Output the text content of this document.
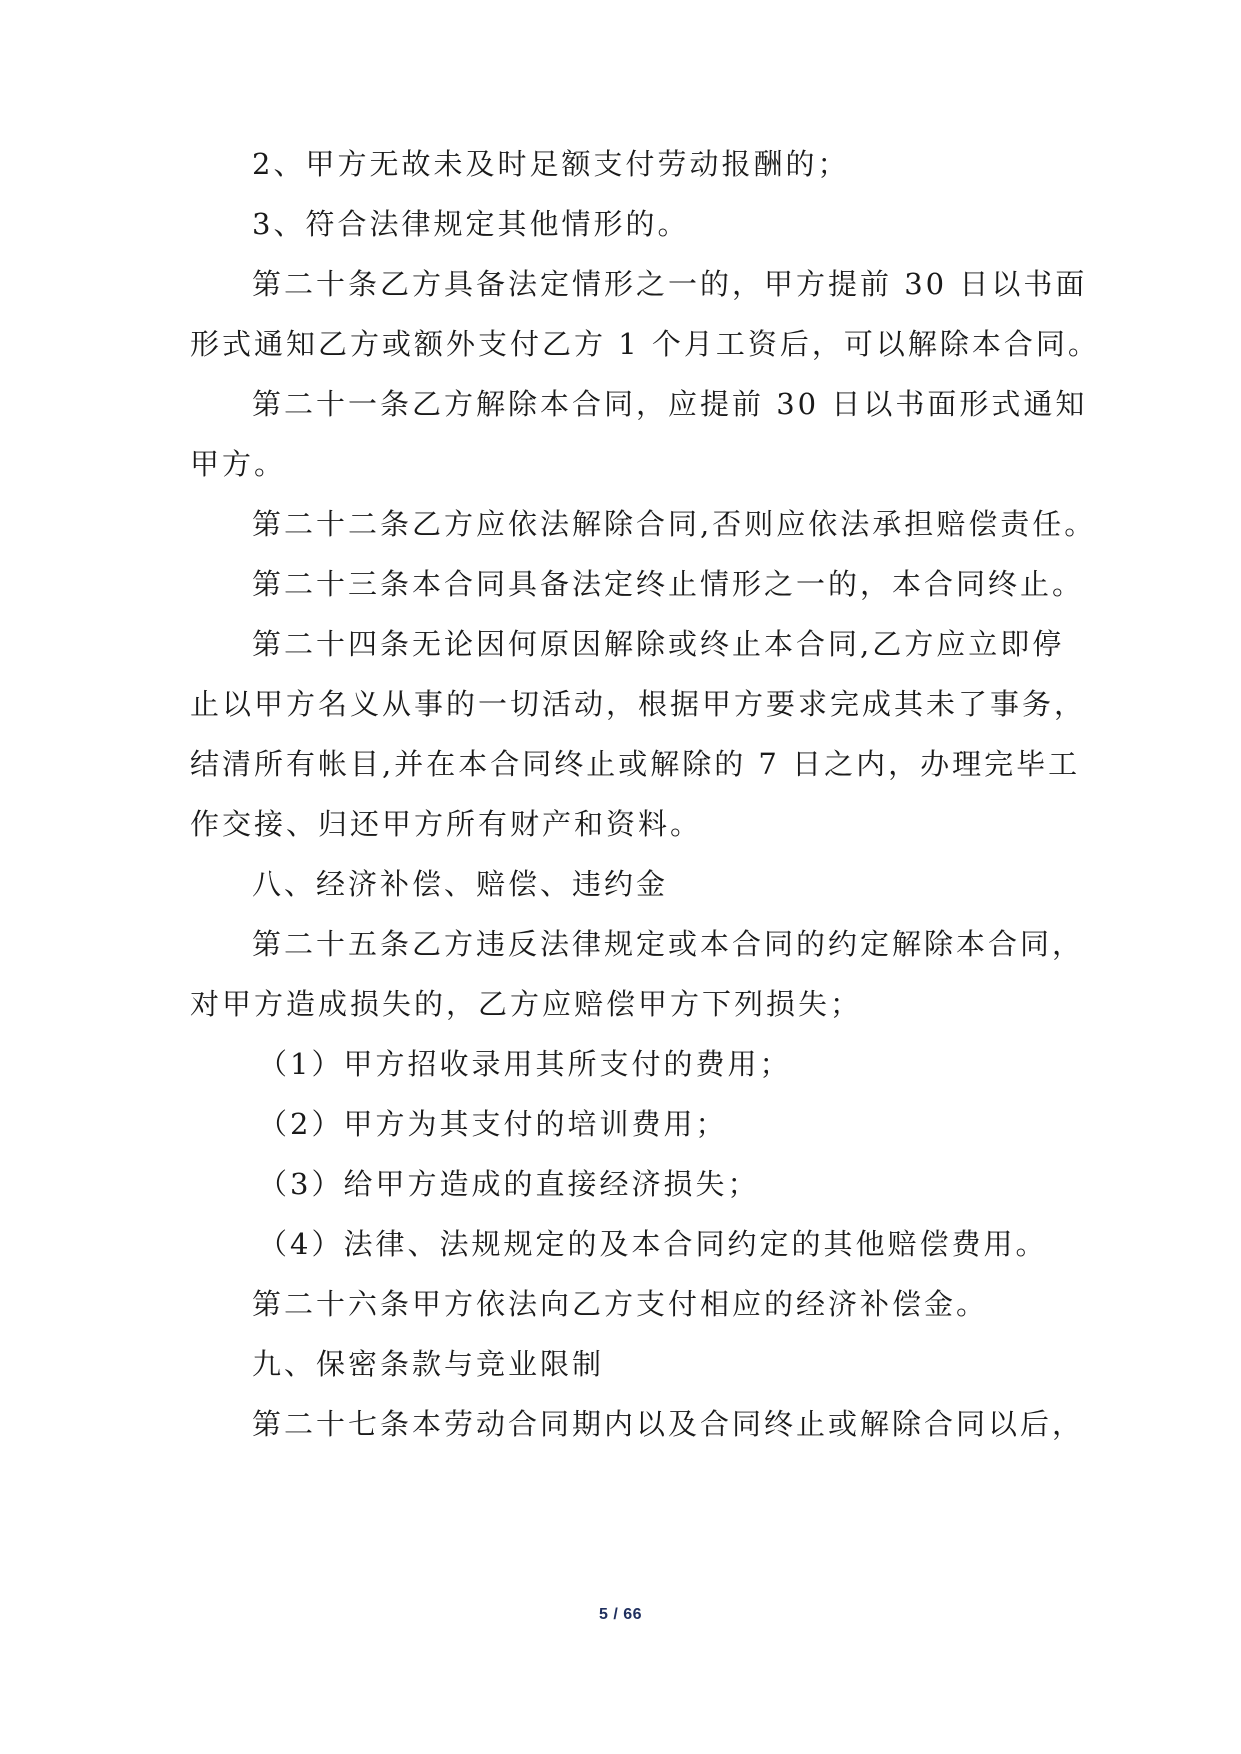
2、甲方无故未及时足额支付劳动报酬的；
3、符合法律规定其他情形的。
第二十条乙方具备法定情形之一的，甲方提前 30 日以书面
形式通知乙方或额外支付乙方 1 个月工资后，可以解除本合同。
第二十一条乙方解除本合同，应提前 30 日以书面形式通知
甲方。
第二十二条乙方应依法解除合同,否则应依法承担赔偿责任。
第二十三条本合同具备法定终止情形之一的，本合同终止。
第二十四条无论因何原因解除或终止本合同,乙方应立即停
止以甲方名义从事的一切活动，根据甲方要求完成其未了事务，
结清所有帐目,并在本合同终止或解除的 7 日之内，办理完毕工
作交接、归还甲方所有财产和资料。
八、经济补偿、赔偿、违约金
第二十五条乙方违反法律规定或本合同的约定解除本合同，
对甲方造成损失的，乙方应赔偿甲方下列损失；
（1）甲方招收录用其所支付的费用；
（2）甲方为其支付的培训费用；
（3）给甲方造成的直接经济损失；
（4）法律、法规规定的及本合同约定的其他赔偿费用。
第二十六条甲方依法向乙方支付相应的经济补偿金。
九、保密条款与竞业限制
第二十七条本劳动合同期内以及合同终止或解除合同以后，
5 / 66
